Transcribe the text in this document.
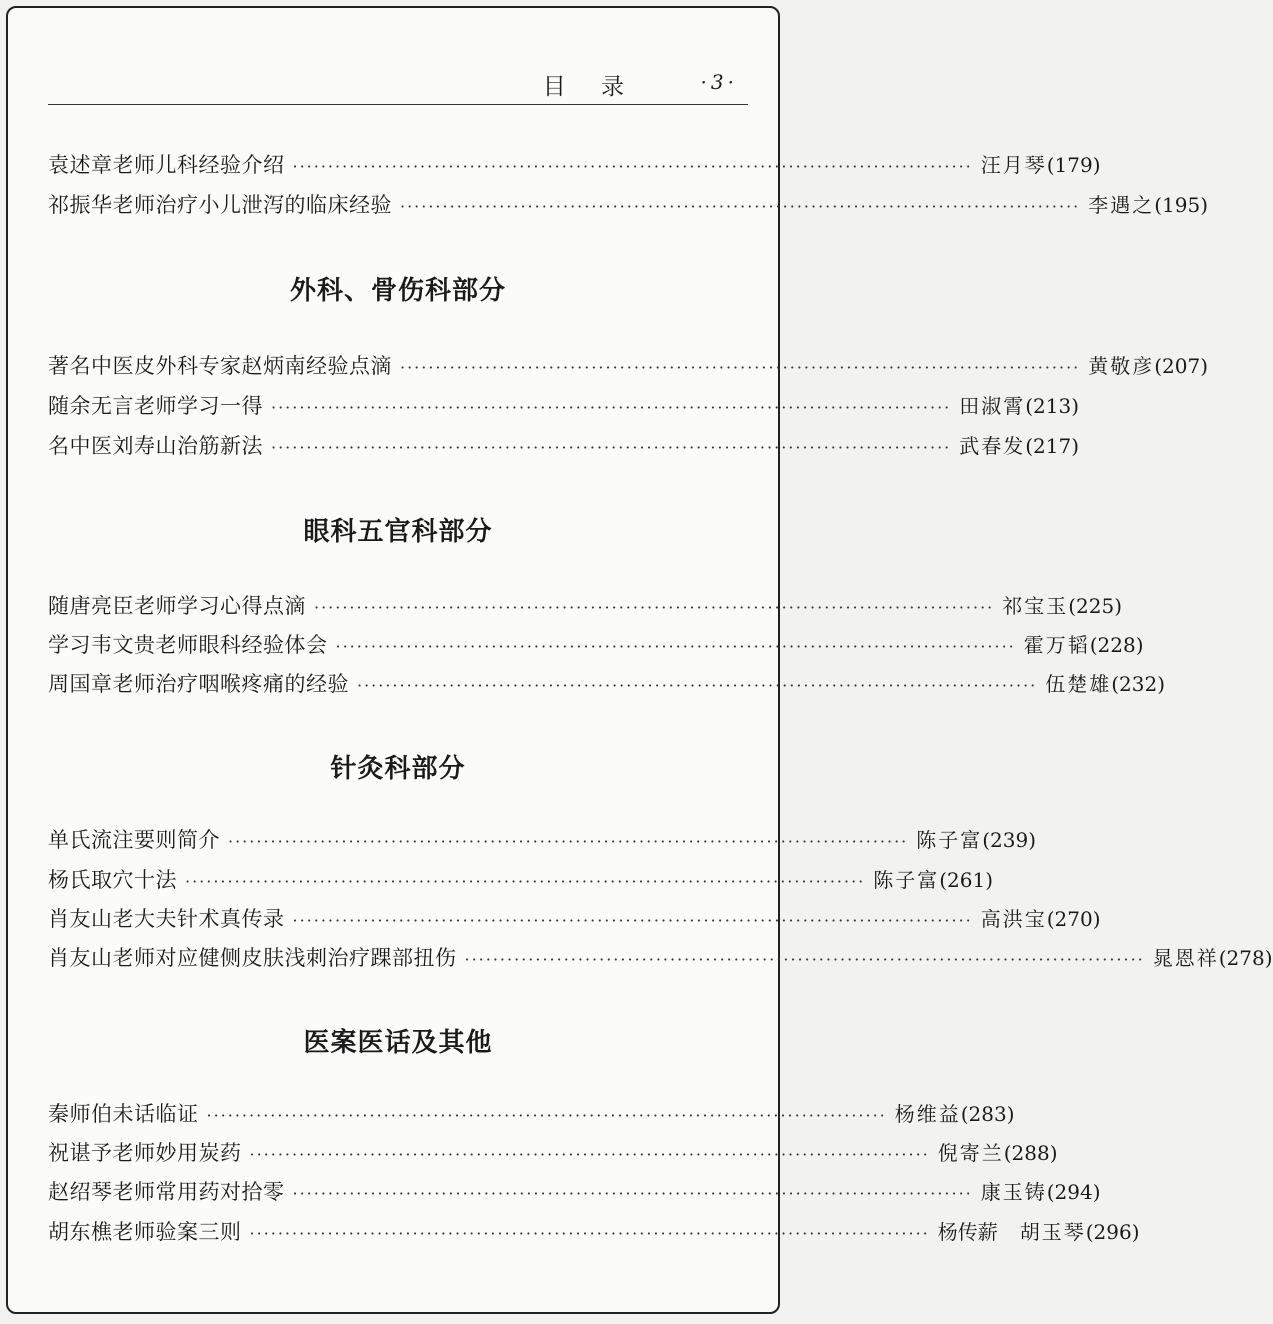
目 录	·3·
袁述章老师儿科经验介绍 ································································································ 汪月琴 (179)
祁振华老师治疗小儿泄泻的临床经验 ································································································ 李遇之 (195)
外科、骨伤科部分
著名中医皮外科专家赵炳南经验点滴 ································································································ 黄敬彦 (207)
随余无言老师学习一得 ································································································ 田淑霄 (213)
名中医刘寿山治筋新法 ································································································ 武春发 (217)
眼科五官科部分
随唐亮臣老师学习心得点滴 ································································································ 祁宝玉 (225)
学习韦文贵老师眼科经验体会 ································································································ 霍万韬 (228)
周国章老师治疗咽喉疼痛的经验 ································································································ 伍楚雄 (232)
针灸科部分
单氏流注要则简介 ································································································ 陈子富 (239)
杨氏取穴十法 ································································································ 陈子富 (261)
肖友山老大夫针术真传录 ································································································ 高洪宝 (270)
肖友山老师对应健侧皮肤浅刺治疗踝部扭伤 ································································································ 晁恩祥 (278)
医案医话及其他
秦师伯未话临证 ································································································ 杨维益 (283)
祝谌予老师妙用炭药 ································································································ 倪寄兰 (288)
赵绍琴老师常用药对拾零 ································································································ 康玉铸 (294)
胡东樵老师验案三则 ································································································ 杨传薪 胡玉琴 (296)
